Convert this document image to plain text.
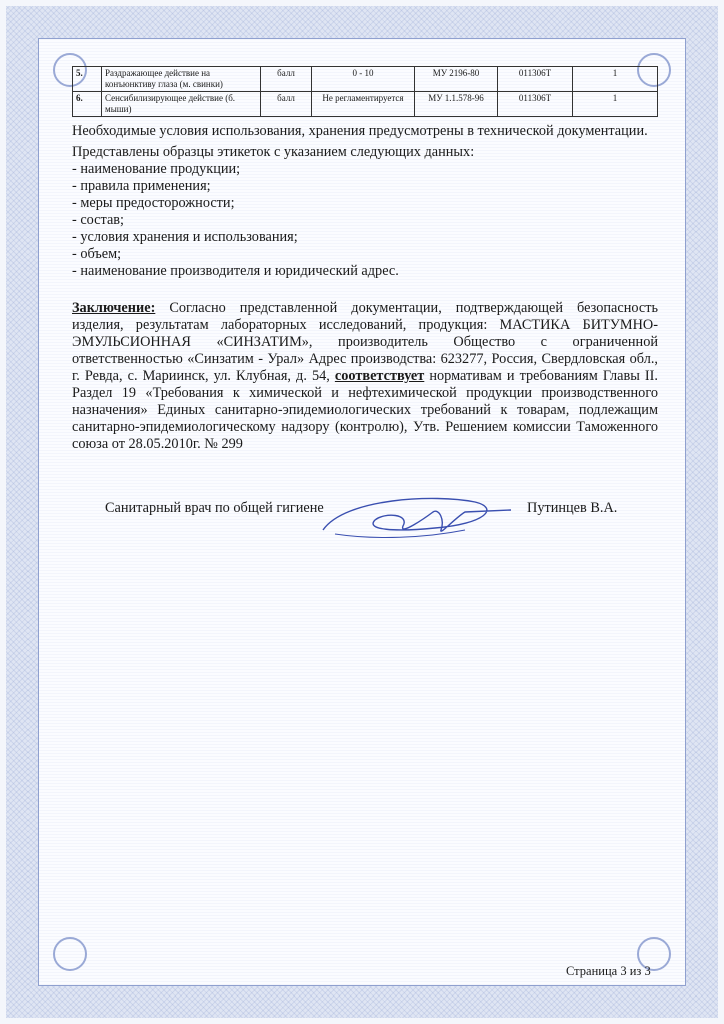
5.	Раздражающее действие на конъюнктиву глаза (м. свинки)	балл	0 - 10	МУ 2196-80	011306Т	1
6.	Сенсибилизирующее действие (б. мыши)	балл	Не регламентируется	МУ 1.1.578-96	011306Т	1

Необходимые условия использования, хранения предусмотрены в технической документации.

Представлены образцы этикеток с указанием следующих данных:
- наименование продукции;
- правила применения;
- меры предосторожности;
- состав;
- условия хранения и использования;
- объем;
- наименование производителя и юридический адрес.

Заключение: Согласно представленной документации, подтверждающей безопасность изделия, результатам лабораторных исследований, продукция: МАСТИКА БИТУМНО-ЭМУЛЬСИОННАЯ «СИНЗАТИМ», производитель Общество с ограниченной ответственностью «Синзатим - Урал» Адрес производства: 623277, Россия, Свердловская обл., г. Ревда, с. Мариинск, ул. Клубная, д. 54, соответствует нормативам и требованиям Главы II. Раздел 19 «Требования к химической и нефтехимической продукции производственного назначения» Единых санитарно-эпидемиологических требований к товарам, подлежащим санитарно-эпидемиологическому надзору (контролю), Утв. Решением комиссии Таможенного союза от 28.05.2010г. № 299

Санитарный врач по общей гигиене	Путинцев В.А.
Страница 3 из 3
